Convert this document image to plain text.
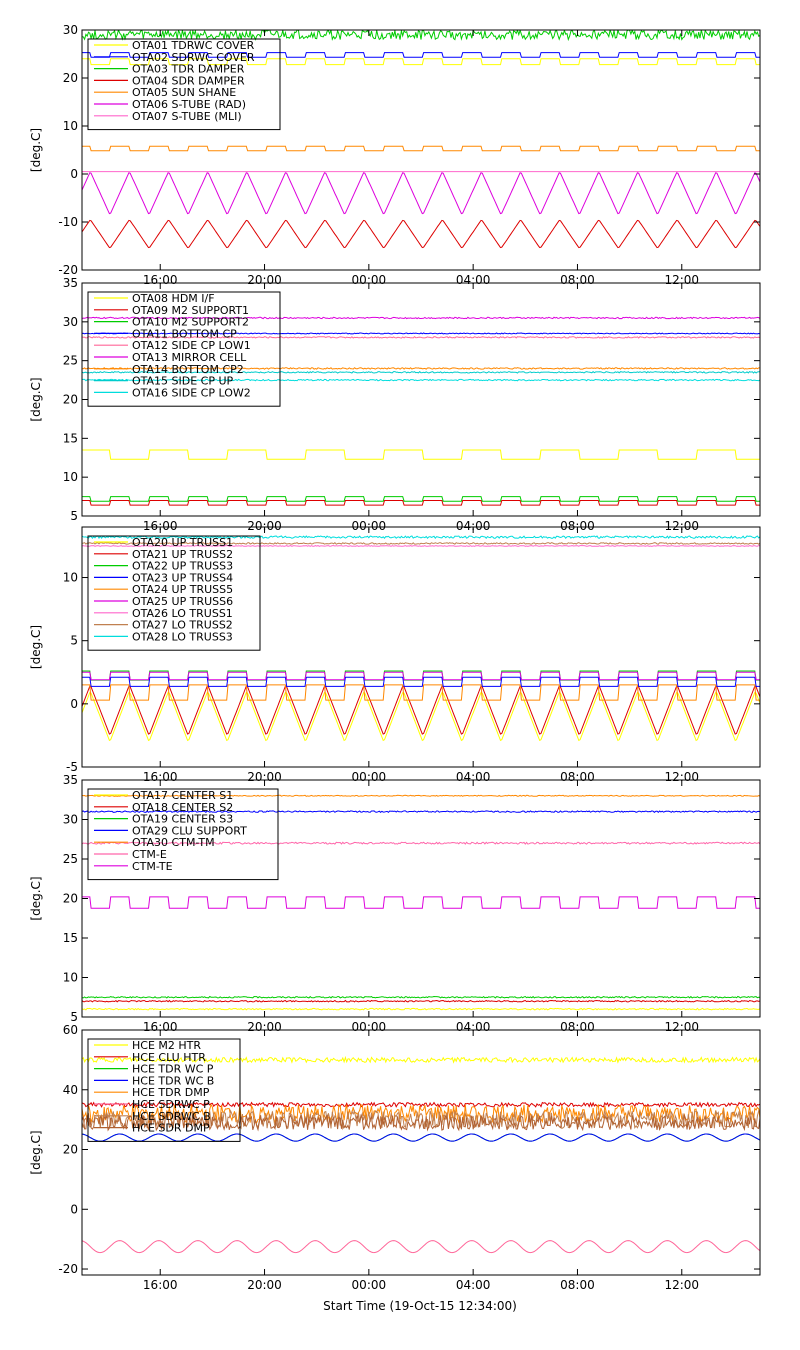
-20
-10
0
10
20
30
16:00	20:00	00:00	04:00	08:00	12:00
[deg.C]
OTA01 TDRWC COVER
OTA02 SDRWC COVER
OTA03 TDR DAMPER
OTA04 SDR DAMPER
OTA05 SUN SHANE
OTA06 S-TUBE (RAD)
OTA07 S-TUBE (MLI)
5
10
15
20
25
30
35
16:00	20:00	00:00	04:00	08:00	12:00
[deg.C]
OTA08 HDM I/F
OTA09 M2 SUPPORT1
OTA10 M2 SUPPORT2
OTA11 BOTTOM CP
OTA12 SIDE CP LOW1
OTA13 MIRROR CELL
OTA14 BOTTOM CP2
OTA15 SIDE CP UP
OTA16 SIDE CP LOW2
-5
0
5
10
16:00	20:00	00:00	04:00	08:00	12:00
[deg.C]
OTA20 UP TRUSS1
OTA21 UP TRUSS2
OTA22 UP TRUSS3
OTA23 UP TRUSS4
OTA24 UP TRUSS5
OTA25 UP TRUSS6
OTA26 LO TRUSS1
OTA27 LO TRUSS2
OTA28 LO TRUSS3
5
10
15
20
25
30
35
16:00	20:00	00:00	04:00	08:00	12:00
[deg.C]
OTA17 CENTER S1
OTA18 CENTER S2
OTA19 CENTER S3
OTA29 CLU SUPPORT
OTA30 CTM-TM
CTM-E
CTM-TE
-20
0
20
40
60
16:00	20:00	00:00	04:00	08:00	12:00
[deg.C]
HCE M2 HTR
HCE CLU HTR
HCE TDR WC P
HCE TDR WC B
HCE TDR DMP
HCE SDRWC P
HCE SDRWC B
HCE SDR DMP
Start Time (19-Oct-15 12:34:00)
